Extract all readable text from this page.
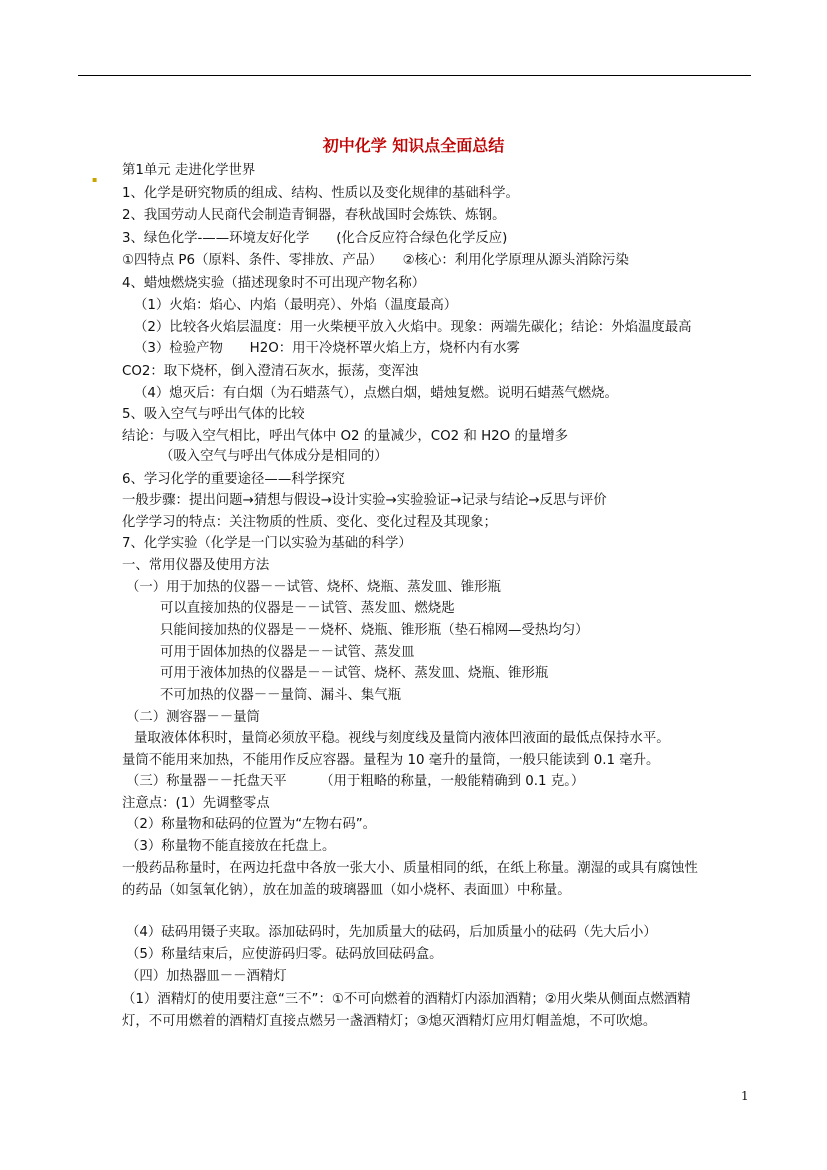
初中化学 知识点全面总结
▪
第1单元 走进化学世界
1、化学是研究物质的组成、结构、性质以及变化规律的基础科学。
2、我国劳动人民商代会制造青铜器，春秋战国时会炼铁、炼钢。
3、绿色化学-——环境友好化学　　(化合反应符合绿色化学反应)
①四特点 P6（原料、条件、零排放、产品）　　②核心：利用化学原理从源头消除污染
4、蜡烛燃烧实验（描述现象时不可出现产物名称）
（1）火焰：焰心、内焰（最明亮）、外焰（温度最高）
（2）比较各火焰层温度：用一火柴梗平放入火焰中。现象：两端先碳化；结论：外焰温度最高
（3）检验产物　　H2O：用干冷烧杯罩火焰上方，烧杯内有水雾
CO2：取下烧杯，倒入澄清石灰水，振荡，变浑浊
（4）熄灭后：有白烟（为石蜡蒸气），点燃白烟，蜡烛复燃。说明石蜡蒸气燃烧。
5、吸入空气与呼出气体的比较
结论：与吸入空气相比，呼出气体中 O2 的量减少，CO2 和 H2O 的量增多
（吸入空气与呼出气体成分是相同的）
6、学习化学的重要途径——科学探究
一般步骤：提出问题→猜想与假设→设计实验→实验验证→记录与结论→反思与评价
化学学习的特点：关注物质的性质、变化、变化过程及其现象；
7、化学实验（化学是一门以实验为基础的科学）
一、常用仪器及使用方法
（一）用于加热的仪器－－试管、烧杯、烧瓶、蒸发皿、锥形瓶
可以直接加热的仪器是－－试管、蒸发皿、燃烧匙
只能间接加热的仪器是－－烧杯、烧瓶、锥形瓶（垫石棉网—受热均匀）
可用于固体加热的仪器是－－试管、蒸发皿
可用于液体加热的仪器是－－试管、烧杯、蒸发皿、烧瓶、锥形瓶
不可加热的仪器－－量筒、漏斗、集气瓶
（二）测容器－－量筒
量取液体体积时，量筒必须放平稳。视线与刻度线及量筒内液体凹液面的最低点保持水平。
量筒不能用来加热，不能用作反应容器。量程为 10 毫升的量筒，一般只能读到 0.1 毫升。
（三）称量器－－托盘天平　　　（用于粗略的称量，一般能精确到 0.1 克。）
注意点：(1）先调整零点
（2）称量物和砝码的位置为“左物右码”。
（3）称量物不能直接放在托盘上。
一般药品称量时，在两边托盘中各放一张大小、质量相同的纸，在纸上称量。潮湿的或具有腐蚀性
的药品（如氢氧化钠），放在加盖的玻璃器皿（如小烧杯、表面皿）中称量。
（4）砝码用镊子夹取。添加砝码时，先加质量大的砝码，后加质量小的砝码（先大后小）
（5）称量结束后，应使游码归零。砝码放回砝码盒。
（四）加热器皿－－酒精灯
（1）酒精灯的使用要注意“三不”：①不可向燃着的酒精灯内添加酒精；②用火柴从侧面点燃酒精
灯，不可用燃着的酒精灯直接点燃另一盏酒精灯；③熄灭酒精灯应用灯帽盖熄，不可吹熄。
1
